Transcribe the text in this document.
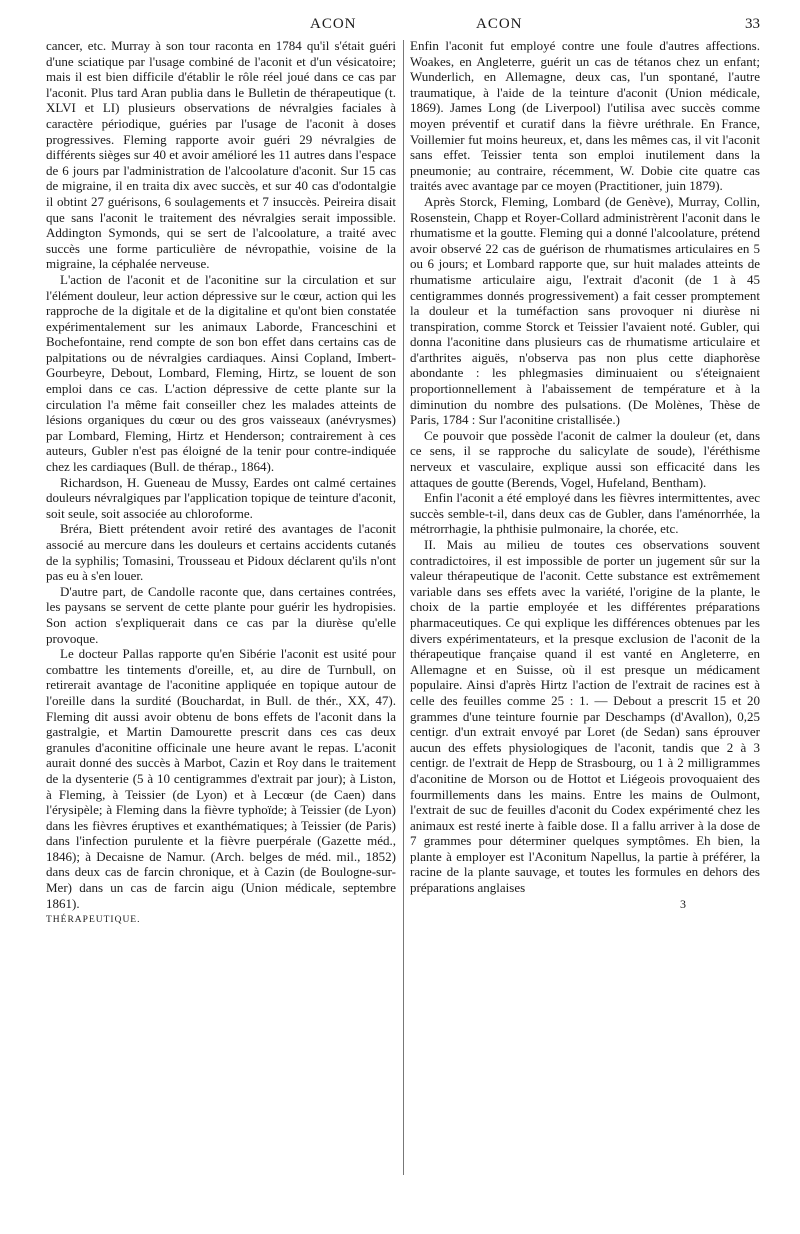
ACON	ACON	33

cancer, etc. Murray à son tour raconta en 1784 qu'il s'était guéri d'une sciatique par l'usage combiné de l'aconit et d'un vésicatoire; mais il est bien difficile d'établir le rôle réel joué dans ce cas par l'aconit. Plus tard Aran publia dans le Bulletin de thérapeutique (t. XLVI et LI) plusieurs observations de névralgies faciales à caractère périodique, guéries par l'usage de l'aconit à doses progressives. Fleming rapporte avoir guéri 29 névralgies de différents sièges sur 40 et avoir amélioré les 11 autres dans l'espace de 6 jours par l'administration de l'alcoolature d'aconit. Sur 15 cas de migraine, il en traita dix avec succès, et sur 40 cas d'odontalgie il obtint 27 guérisons, 6 soulagements et 7 insuccès. Peireira disait que sans l'aconit le traitement des névralgies serait impossible. Addington Symonds, qui se sert de l'alcoolature, a traité avec succès une forme particulière de névropathie, voisine de la migraine, la céphalée nerveuse.

L'action de l'aconit et de l'aconitine sur la circulation et sur l'élément douleur, leur action dépressive sur le cœur, action qui les rapproche de la digitale et de la digitaline et qu'ont bien constatée expérimentalement sur les animaux Laborde, Franceschini et Bochefontaine, rend compte de son bon effet dans certains cas de palpitations ou de névralgies cardiaques. Ainsi Copland, Imbert-Gourbeyre, Debout, Lombard, Fleming, Hirtz, se louent de son emploi dans ce cas. L'action dépressive de cette plante sur la circulation l'a même fait conseiller chez les malades atteints de lésions organiques du cœur ou des gros vaisseaux (anévrysmes) par Lombard, Fleming, Hirtz et Henderson; contrairement à ces auteurs, Gubler n'est pas éloigné de la tenir pour contre-indiquée chez les cardiaques (Bull. de thérap., 1864).

Richardson, H. Gueneau de Mussy, Eardes ont calmé certaines douleurs névralgiques par l'application topique de teinture d'aconit, soit seule, soit associée au chloroforme.

Bréra, Biett prétendent avoir retiré des avantages de l'aconit associé au mercure dans les douleurs et certains accidents cutanés de la syphilis; Tomasini, Trousseau et Pidoux déclarent qu'ils n'ont pas eu à s'en louer.

D'autre part, de Candolle raconte que, dans certaines contrées, les paysans se servent de cette plante pour guérir les hydropisies. Son action s'expliquerait dans ce cas par la diurèse qu'elle provoque.

Le docteur Pallas rapporte qu'en Sibérie l'aconit est usité pour combattre les tintements d'oreille, et, au dire de Turnbull, on retirerait avantage de l'aconitine appliquée en topique autour de l'oreille dans la surdité (Bouchardat, in Bull. de thér., XX, 47). Fleming dit aussi avoir obtenu de bons effets de l'aconit dans la gastralgie, et Martin Damourette prescrit dans ces cas deux granules d'aconitine officinale une heure avant le repas. L'aconit aurait donné des succès à Marbot, Cazin et Roy dans le traitement de la dysenterie (5 à 10 centigrammes d'extrait par jour); à Liston, à Fleming, à Teissier (de Lyon) et à Lecœur (de Caen) dans l'érysipèle; à Fleming dans la fièvre typhoïde; à Teissier (de Lyon) dans les fièvres éruptives et exanthématiques; à Teissier (de Paris) dans l'infection purulente et la fièvre puerpérale (Gazette méd., 1846); à Decaisne de Namur. (Arch. belges de méd. mil., 1852) dans deux cas de farcin chronique, et à Cazin (de Boulogne-sur-Mer) dans un cas de farcin aigu (Union médicale, septembre 1861).

THÉRAPEUTIQUE.

Enfin l'aconit fut employé contre une foule d'autres affections. Woakes, en Angleterre, guérit un cas de tétanos chez un enfant; Wunderlich, en Allemagne, deux cas, l'un spontané, l'autre traumatique, à l'aide de la teinture d'aconit (Union médicale, 1869). James Long (de Liverpool) l'utilisa avec succès comme moyen préventif et curatif dans la fièvre uréthrale. En France, Voillemier fut moins heureux, et, dans les mêmes cas, il vit l'aconit sans effet. Teissier tenta son emploi inutilement dans la pneumonie; au contraire, récemment, W. Dobie cite quatre cas traités avec avantage par ce moyen (Practitioner, juin 1879).

Après Storck, Fleming, Lombard (de Genève), Murray, Collin, Rosenstein, Chapp et Royer-Collard administrèrent l'aconit dans le rhumatisme et la goutte. Fleming qui a donné l'alcoolature, prétend avoir observé 22 cas de guérison de rhumatismes articulaires en 5 ou 6 jours; et Lombard rapporte que, sur huit malades atteints de rhumatisme articulaire aigu, l'extrait d'aconit (de 1 à 45 centigrammes donnés progressivement) a fait cesser promptement la douleur et la tuméfaction sans provoquer ni diurèse ni transpiration, comme Storck et Teissier l'avaient noté. Gubler, qui donna l'aconitine dans plusieurs cas de rhumatisme articulaire et d'arthrites aiguës, n'observa pas non plus cette diaphorèse abondante : les phlegmasies diminuaient ou s'éteignaient proportionnellement à l'abaissement de température et à la diminution du nombre des pulsations. (De Molènes, Thèse de Paris, 1784 : Sur l'aconitine cristallisée.)

Ce pouvoir que possède l'aconit de calmer la douleur (et, dans ce sens, il se rapproche du salicylate de soude), l'éréthisme nerveux et vasculaire, explique aussi son efficacité dans les attaques de goutte (Berends, Vogel, Hufeland, Bentham).

Enfin l'aconit a été employé dans les fièvres intermittentes, avec succès semble-t-il, dans deux cas de Gubler, dans l'aménorrhée, la métrorrhagie, la phthisie pulmonaire, la chorée, etc.

II. Mais au milieu de toutes ces observations souvent contradictoires, il est impossible de porter un jugement sûr sur la valeur thérapeutique de l'aconit. Cette substance est extrêmement variable dans ses effets avec la variété, l'origine de la plante, le choix de la partie employée et les différentes préparations pharmaceutiques. Ce qui explique les différences obtenues par les divers expérimentateurs, et la presque exclusion de l'aconit de la thérapeutique française quand il est vanté en Angleterre, en Allemagne et en Suisse, où il est presque un médicament populaire. Ainsi d'après Hirtz l'action de l'extrait de racines est à celle des feuilles comme 25 : 1. — Debout a prescrit 15 et 20 grammes d'une teinture fournie par Deschamps (d'Avallon), 0,25 centigr. d'un extrait envoyé par Loret (de Sedan) sans éprouver aucun des effets physiologiques de l'aconit, tandis que 2 à 3 centigr. de l'extrait de Hepp de Strasbourg, ou 1 à 2 milligrammes d'aconitine de Morson ou de Hottot et Liégeois provoquaient des fourmillements dans les mains. Entre les mains de Oulmont, l'extrait de suc de feuilles d'aconit du Codex expérimenté chez les animaux est resté inerte à faible dose. Il a fallu arriver à la dose de 7 grammes pour déterminer quelques symptômes. Eh bien, la plante à employer est l'Aconitum Napellus, la partie à préférer, la racine de la plante sauvage, et toutes les formules en dehors des préparations anglaises

3
